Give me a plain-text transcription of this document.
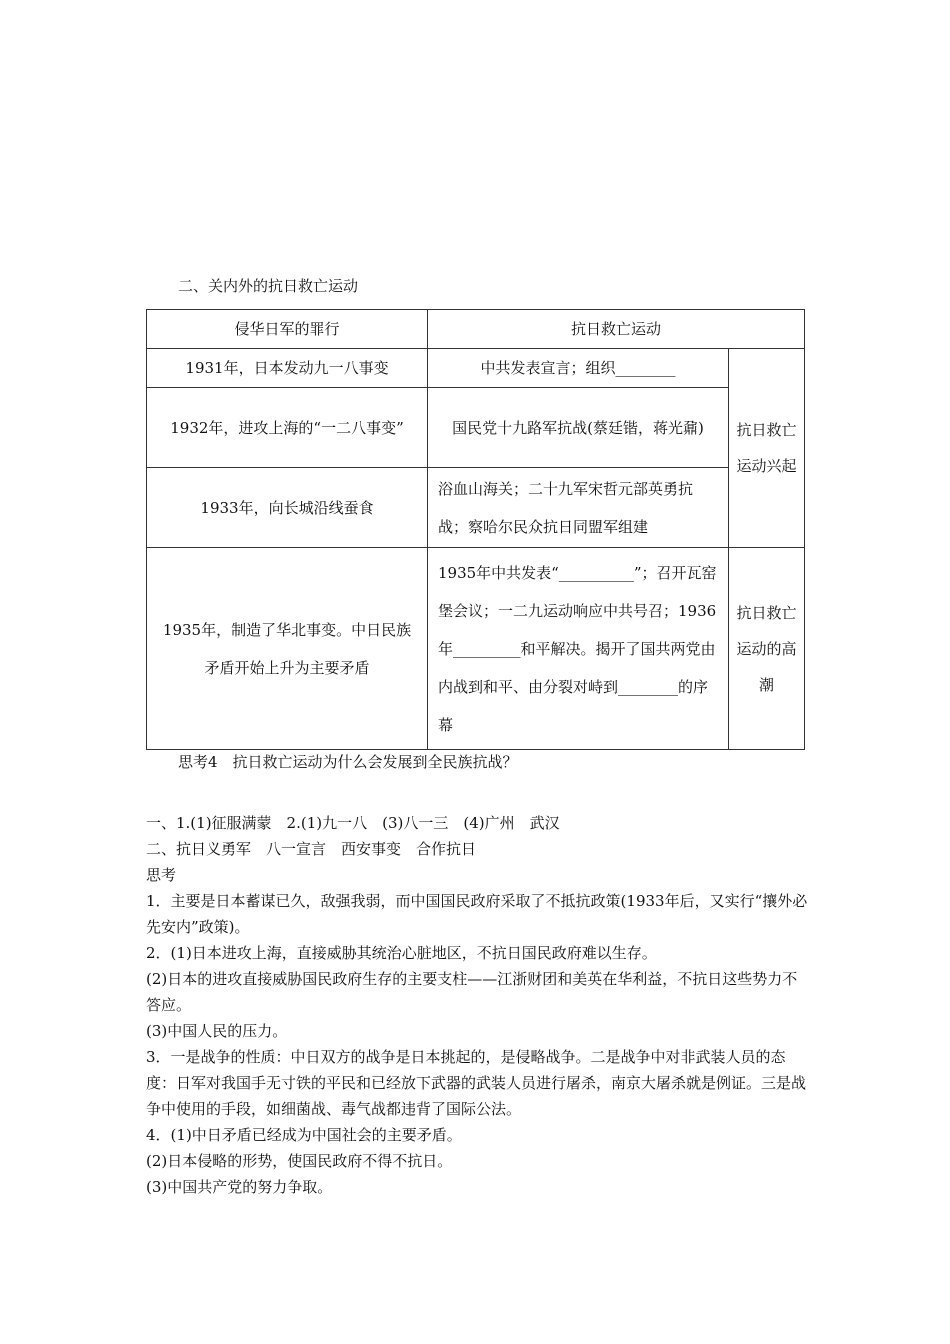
二、关内外的抗日救亡运动
侵华日军的罪行	抗日救亡运动	
1931年，日本发动九一八事变	中共发表宣言；组织________	抗日救亡运动兴起
1932年，进攻上海的“一二八事变”	国民党十九路军抗战(蔡廷锴，蒋光鼐)	
1933年，向长城沿线蚕食	浴血山海关；二十九军宋哲元部英勇抗战；察哈尔民众抗日同盟军组建	
1935年，制造了华北事变。中日民族矛盾开始上升为主要矛盾	1935年中共发表“__________”；召开瓦窑堡会议；一二九运动响应中共号召；1936年_________和平解决。揭开了国共两党由内战到和平、由分裂对峙到________的序幕	抗日救亡运动的高潮
思考4　抗日救亡运动为什么会发展到全民族抗战？

一、1.(1)征服满蒙　2.(1)九一八　(3)八一三　(4)广州　武汉

二、抗日义勇军　八一宣言　西安事变　合作抗日

思考

1．主要是日本蓄谋已久，敌强我弱，而中国国民政府采取了不抵抗政策(1933年后，又实行“攘外必先安内”政策)。

2．(1)日本进攻上海，直接威胁其统治心脏地区，不抗日国民政府难以生存。

(2)日本的进攻直接威胁国民政府生存的主要支柱——江浙财团和美英在华利益，不抗日这些势力不答应。

(3)中国人民的压力。

3．一是战争的性质：中日双方的战争是日本挑起的，是侵略战争。二是战争中对非武装人员的态度：日军对我国手无寸铁的平民和已经放下武器的武装人员进行屠杀，南京大屠杀就是例证。三是战争中使用的手段，如细菌战、毒气战都违背了国际公法。

4．(1)中日矛盾已经成为中国社会的主要矛盾。

(2)日本侵略的形势，使国民政府不得不抗日。

(3)中国共产党的努力争取。
